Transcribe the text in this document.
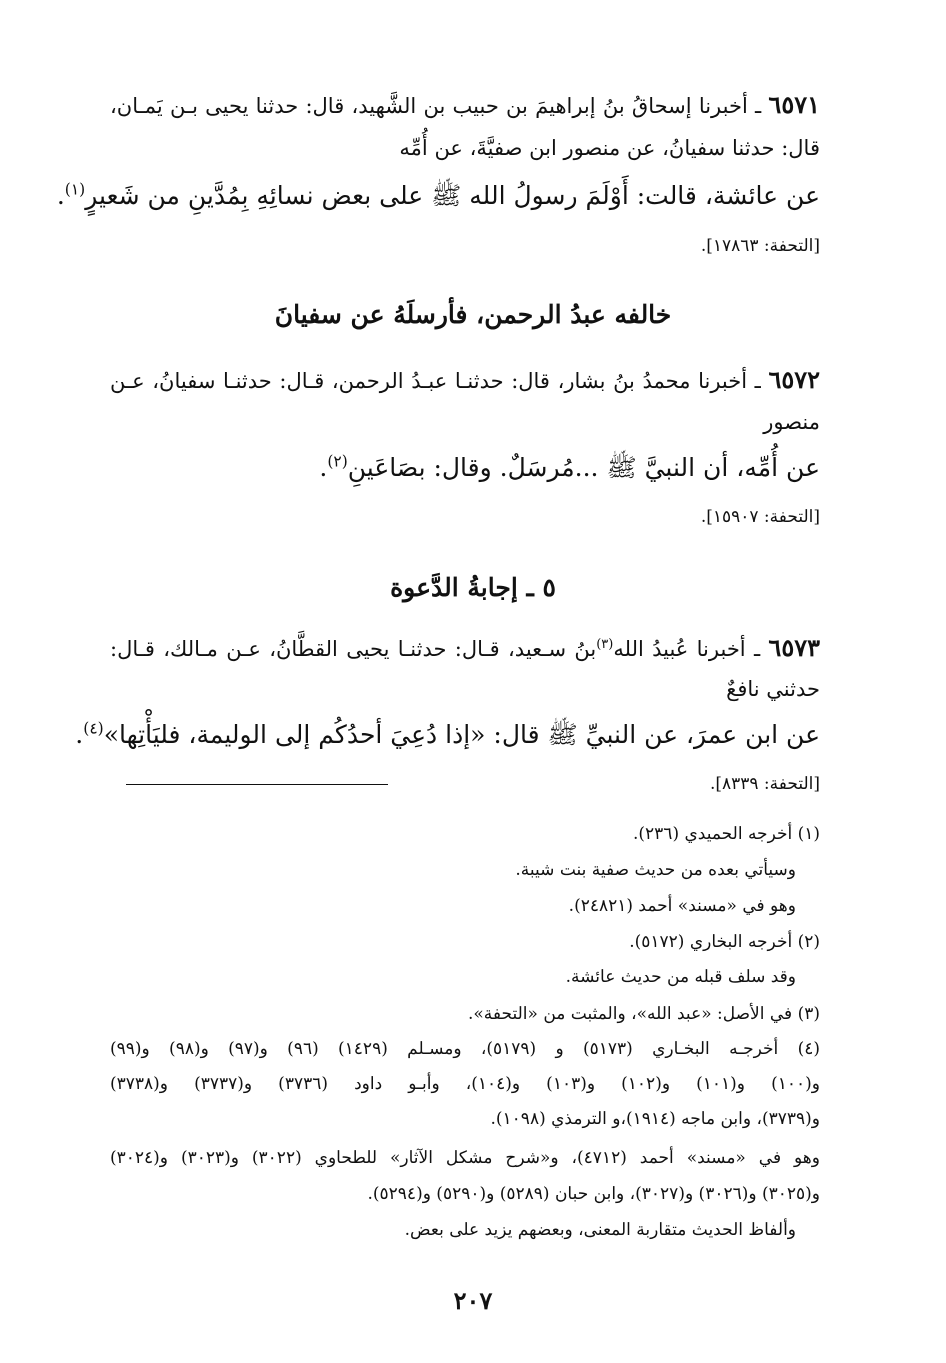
٦٥٧١ ـ أخبرنا إسحاقُ بنُ إبراهيمَ بن حبيب بن الشَّهيد، قال: حدثنا يحيى بـن يَمـان،
قال: حدثنا سفيانُ، عن منصور ابن صفيَّةَ، عن أُمِّه
عن عائشة، قالت: أَوْلَمَ رسولُ الله ﷺ على بعض نسائِهِ بِمُدَّينِ من شَعيرٍ$^{(١)}$.
[التحفة: ١٧٨٦٣].
خالفه عبدُ الرحمن، فأرسلَهُ عن سفيانَ
٦٥٧٢ ـ أخبرنا محمدُ بنُ بشار، قال: حدثنـا عبـدُ الرحمن، قـال: حدثنـا سفيانُ، عـن
منصور
عن أُمِّه، أن النبيَّ ﷺ ...مُرسَلٌ. وقال: بصَاعَينِ$^{(٢)}$.
[التحفة: ١٥٩٠٧].
٥ ـ إجابةُ الدَّعوة
٦٥٧٣ ـ أخبرنا عُبيدُ الله$^{(٣)}$بنُ سـعيد، قـال: حدثنـا يحيى القطَّانُ، عـن مـالك، قـال:
حدثني نافعٌ
عن ابن عمرَ، عن النبيِّ ﷺ قال: «إذا دُعِيَ أحدُكُم إلى الوليمة، فليَأْتِها»$^{(٤)}$.
[التحفة: ٨٣٣٩].
(١) أخرجه الحميدي (٢٣٦).
وسيأتي بعده من حديث صفية بنت شيبة.
وهو في «مسند» أحمد (٢٤٨٢١).
(٢) أخرجه البخاري (٥١٧٢).
وقد سلف قبله من حديث عائشة.
(٣) في الأصل: «عبد الله»، والمثبت من «التحفة».
(٤) أخرجـه البخـاري (٥١٧٣) و (٥١٧٩)، ومسـلم (١٤٢٩) (٩٦) و(٩٧) و(٩٨) و(٩٩)
و(١٠٠) و(١٠١) و(١٠٢) و(١٠٣) و(١٠٤)، وأبـو داود (٣٧٣٦) و(٣٧٣٧) و(٣٧٣٨)
و(٣٧٣٩)، وابن ماجه (١٩١٤)،و الترمذي (١٠٩٨).
وهو في «مسند» أحمد (٤٧١٢)، و«شرح مشكل الآثار» للطحاوي (٣٠٢٢) و(٣٠٢٣) و(٣٠٢٤)
و(٣٠٢٥) و(٣٠٢٦) و(٣٠٢٧)، وابن حبان (٥٢٨٩) و(٥٢٩٠) و(٥٢٩٤).
وألفاظ الحديث متقاربة المعنى، وبعضهم يزيد على بعض.
٢٠٧
